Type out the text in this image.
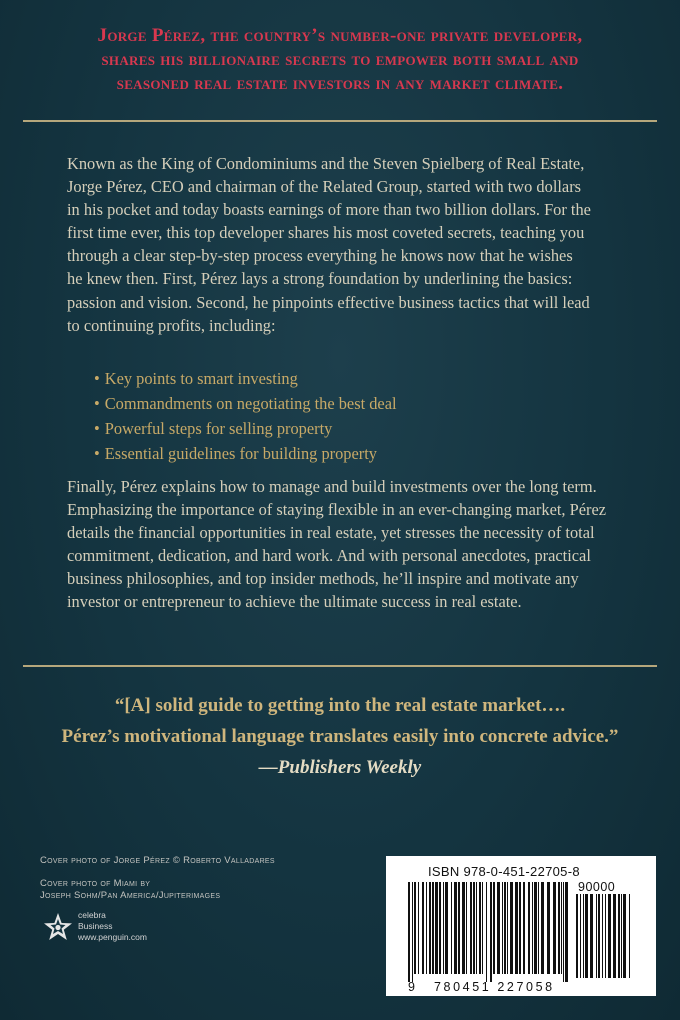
Jorge Pérez, the country’s number-one private developer,
shares his billionaire secrets to empower both small and
seasoned real estate investors in any market climate.
Known as the King of Condominiums and the Steven Spielberg of Real Estate,
Jorge Pérez, CEO and chairman of the Related Group, started with two dollars
in his pocket and today boasts earnings of more than two billion dollars. For the
first time ever, this top developer shares his most coveted secrets, teaching you
through a clear step-by-step process everything he knows now that he wishes
he knew then. First, Pérez lays a strong foundation by underlining the basics:
passion and vision. Second, he pinpoints effective business tactics that will lead
to continuing profits, including:
• Key points to smart investing
• Commandments on negotiating the best deal
• Powerful steps for selling property
• Essential guidelines for building property
Finally, Pérez explains how to manage and build investments over the long term.
Emphasizing the importance of staying flexible in an ever-changing market, Pérez
details the financial opportunities in real estate, yet stresses the necessity of total
commitment, dedication, and hard work. And with personal anecdotes, practical
business philosophies, and top insider methods, he’ll inspire and motivate any
investor or entrepreneur to achieve the ultimate success in real estate.
“[A] solid guide to getting into the real estate market….
Pérez’s motivational language translates easily into concrete advice.”
—Publishers Weekly
Cover photo of Jorge Pérez © Roberto Valladares
Cover photo of Miami by
Joseph Sohm/Pan America/Jupiterimages
celebra
Business
www.penguin.com
ISBN 978-0-451-22705-8
90000
9 780451 227058
